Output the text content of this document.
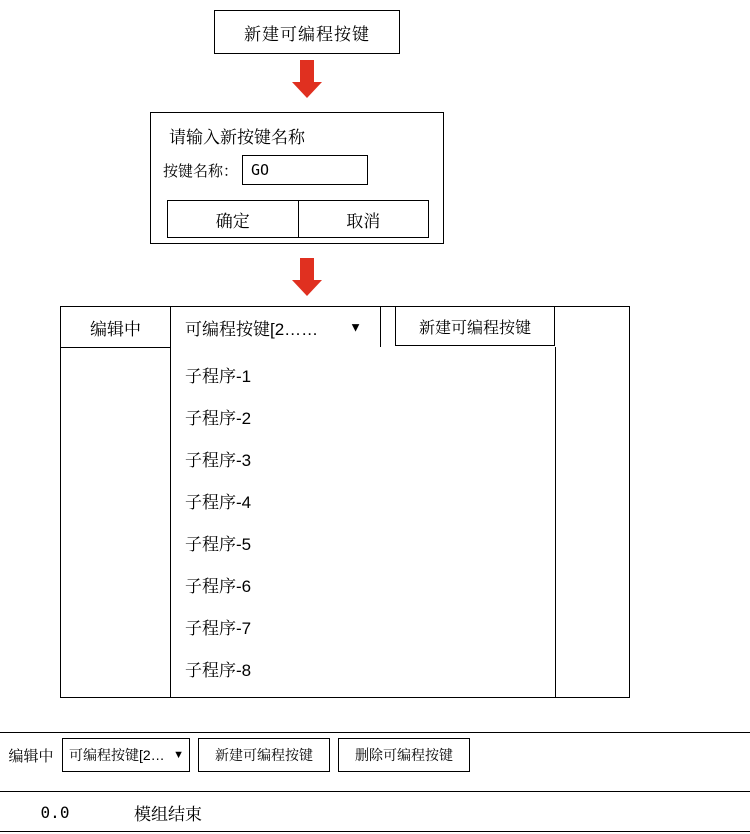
新建可编程按键
请输入新按键名称
按键名称： GO
确定	取消
编辑中	可编程按键[2…… ▼	新建可编程按键
子程序-1
子程序-2
子程序-3
子程序-4
子程序-5
子程序-6
子程序-7
子程序-8
编辑中	可编程按键[2… ▼	新建可编程按键	删除可编程按键
0.0	模组结束
